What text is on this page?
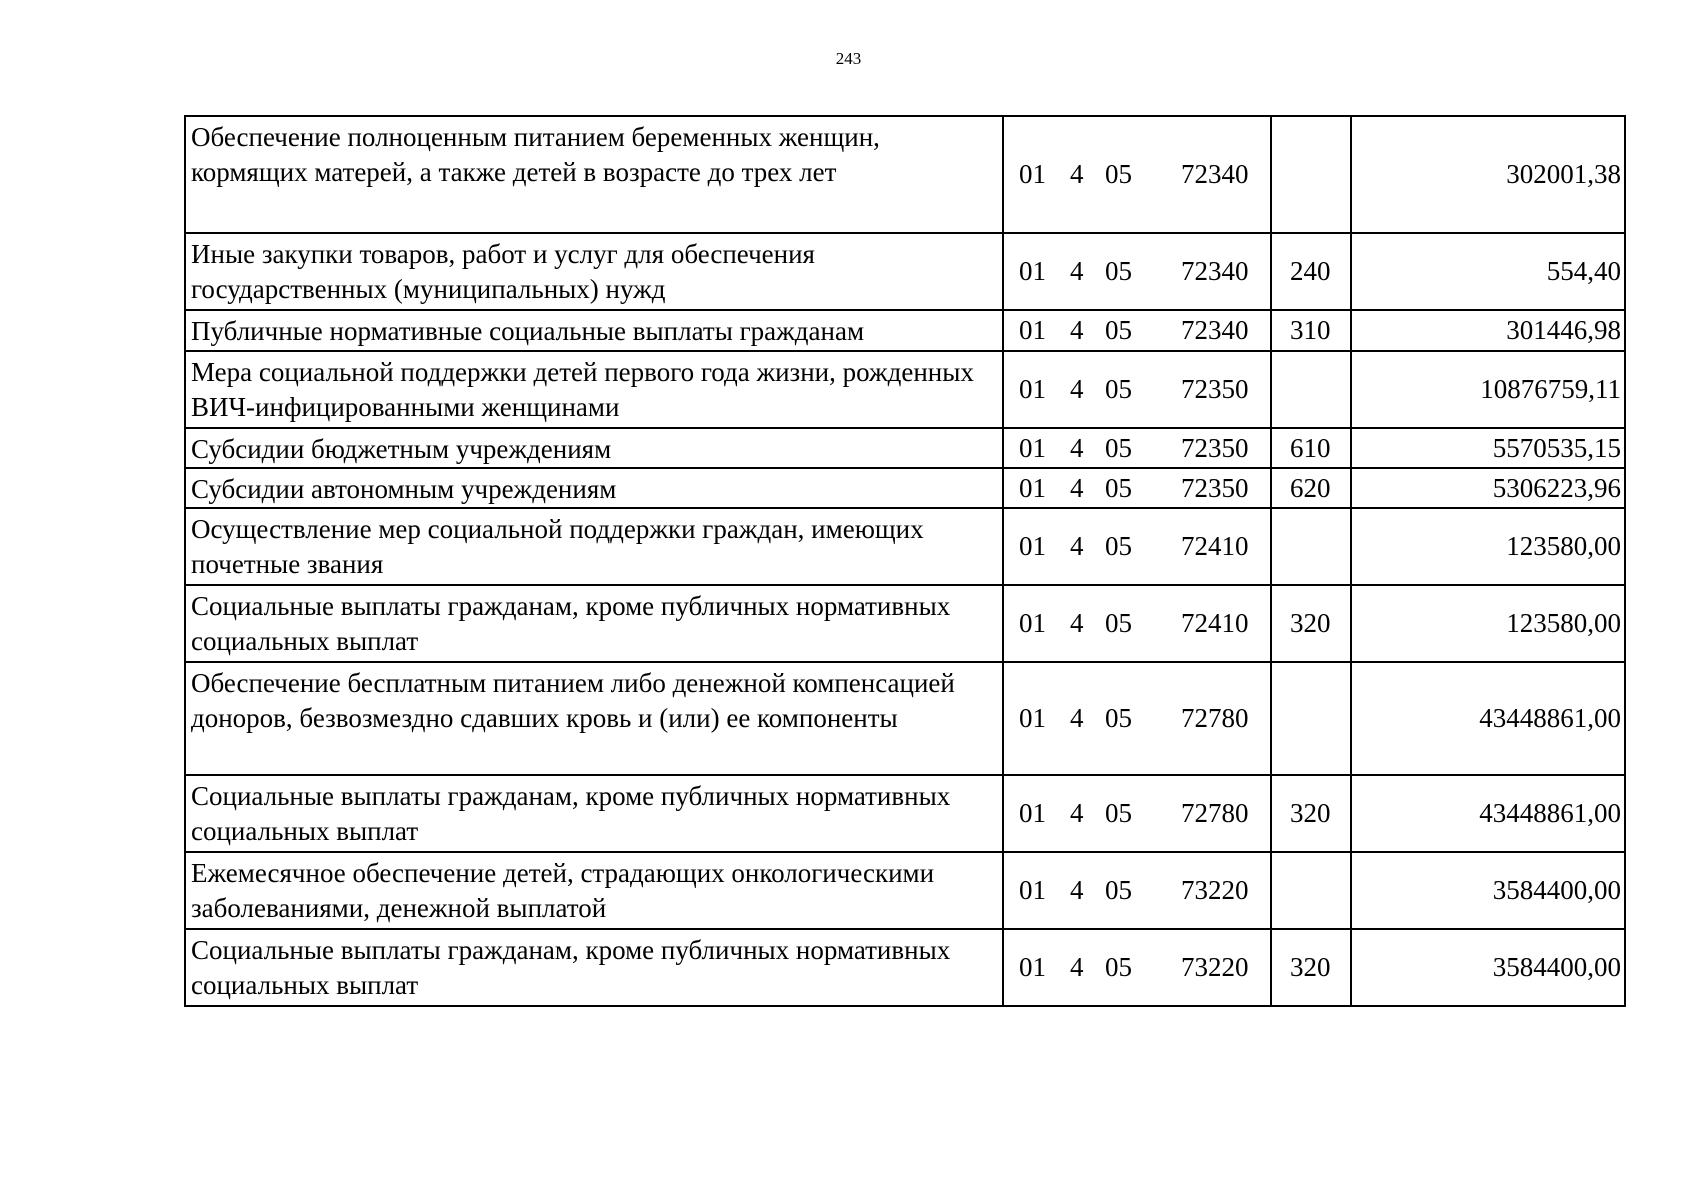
243
Обеспечение полноценным питанием беременных женщин, кормящих матерей, а также детей в возрасте до трех лет	01 4 05 72340		302001,38
Иные закупки товаров, работ и услуг для обеспечения государственных (муниципальных) нужд	01 4 05 72340	240	554,40
Публичные нормативные социальные выплаты гражданам	01 4 05 72340	310	301446,98
Мера социальной поддержки детей первого года жизни, рожденных ВИЧ-инфицированными женщинами	01 4 05 72350		10876759,11
Субсидии бюджетным учреждениям	01 4 05 72350	610	5570535,15
Субсидии автономным учреждениям	01 4 05 72350	620	5306223,96
Осуществление мер социальной поддержки граждан, имеющих почетные звания	01 4 05 72410		123580,00
Социальные выплаты гражданам, кроме публичных нормативных социальных выплат	01 4 05 72410	320	123580,00
Обеспечение бесплатным питанием либо денежной компенсацией доноров, безвозмездно сдавших кровь и (или) ее компоненты	01 4 05 72780		43448861,00
Социальные выплаты гражданам, кроме публичных нормативных социальных выплат	01 4 05 72780	320	43448861,00
Ежемесячное обеспечение детей, страдающих онкологическими заболеваниями, денежной выплатой	01 4 05 73220		3584400,00
Социальные выплаты гражданам, кроме публичных нормативных социальных выплат	01 4 05 73220	320	3584400,00
